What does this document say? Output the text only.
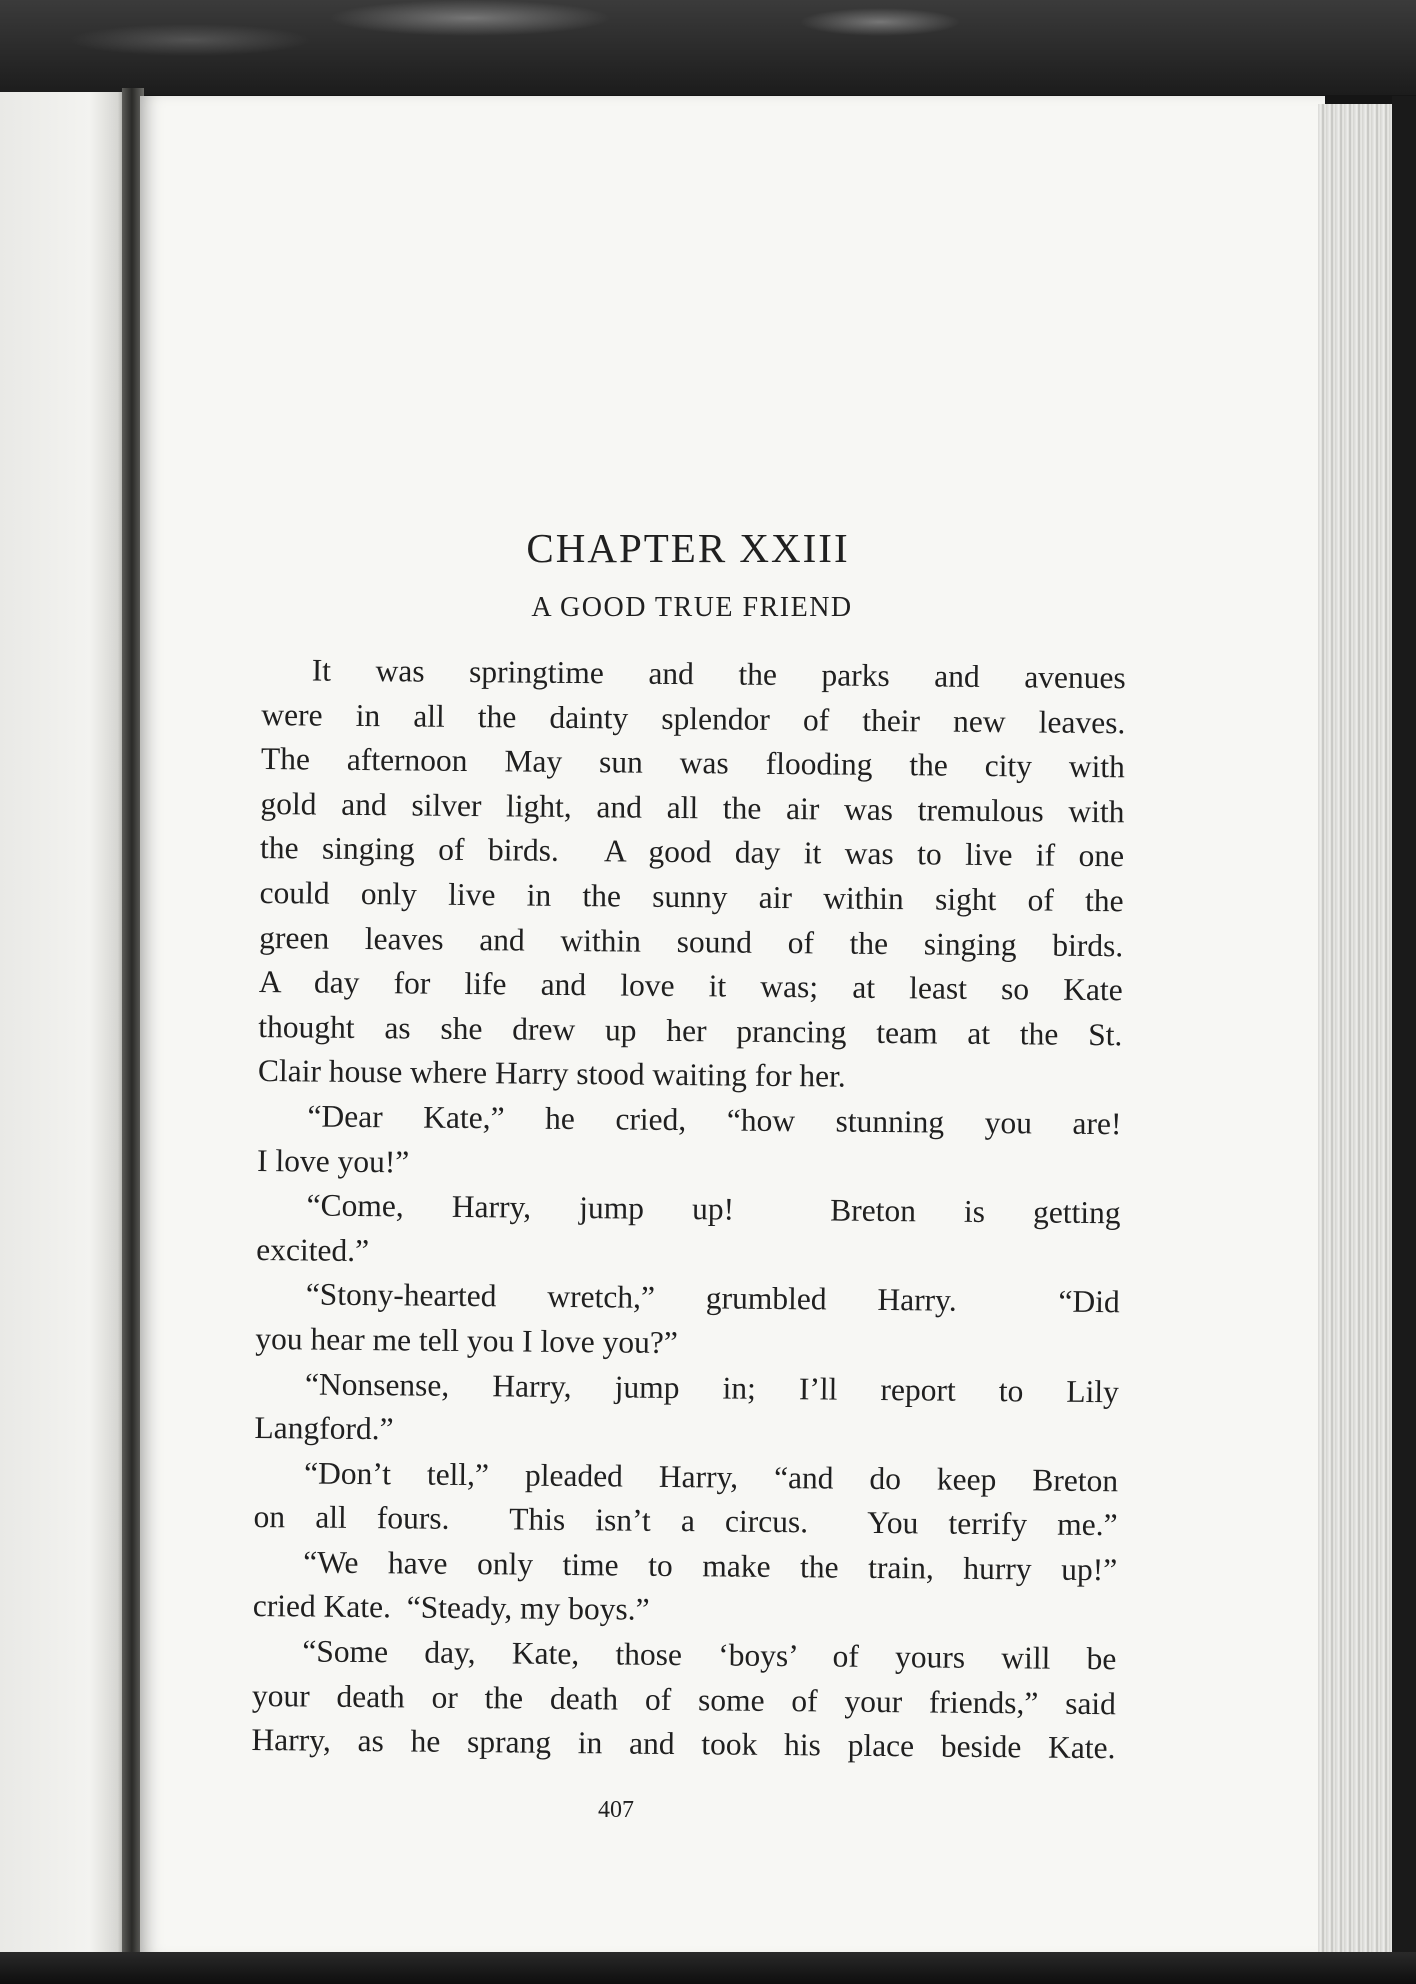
CHAPTER XXIII
A GOOD TRUE FRIEND
It was springtime and the parks and avenues
were in all the dainty splendor of their new leaves.
The afternoon May sun was flooding the city with
gold and silver light, and all the air was tremulous with
the singing of birds.  A good day it was to live if one
could only live in the sunny air within sight of the
green leaves and within sound of the singing birds.
A day for life and love it was; at least so Kate
thought as she drew up her prancing team at the St.
Clair house where Harry stood waiting for her.
“Dear Kate,” he cried, “how stunning you are!
I love you!”
“Come, Harry, jump up!  Breton is getting
excited.”
“Stony-hearted wretch,” grumbled Harry.  “Did
you hear me tell you I love you?”
“Nonsense, Harry, jump in; I’ll report to Lily
Langford.”
“Don’t tell,” pleaded Harry, “and do keep Breton
on all fours.  This isn’t a circus.  You terrify me.”
“We have only time to make the train, hurry up!”
cried Kate.  “Steady, my boys.”
“Some day, Kate, those ‘boys’ of yours will be
your death or the death of some of your friends,” said
Harry, as he sprang in and took his place beside Kate.
407
